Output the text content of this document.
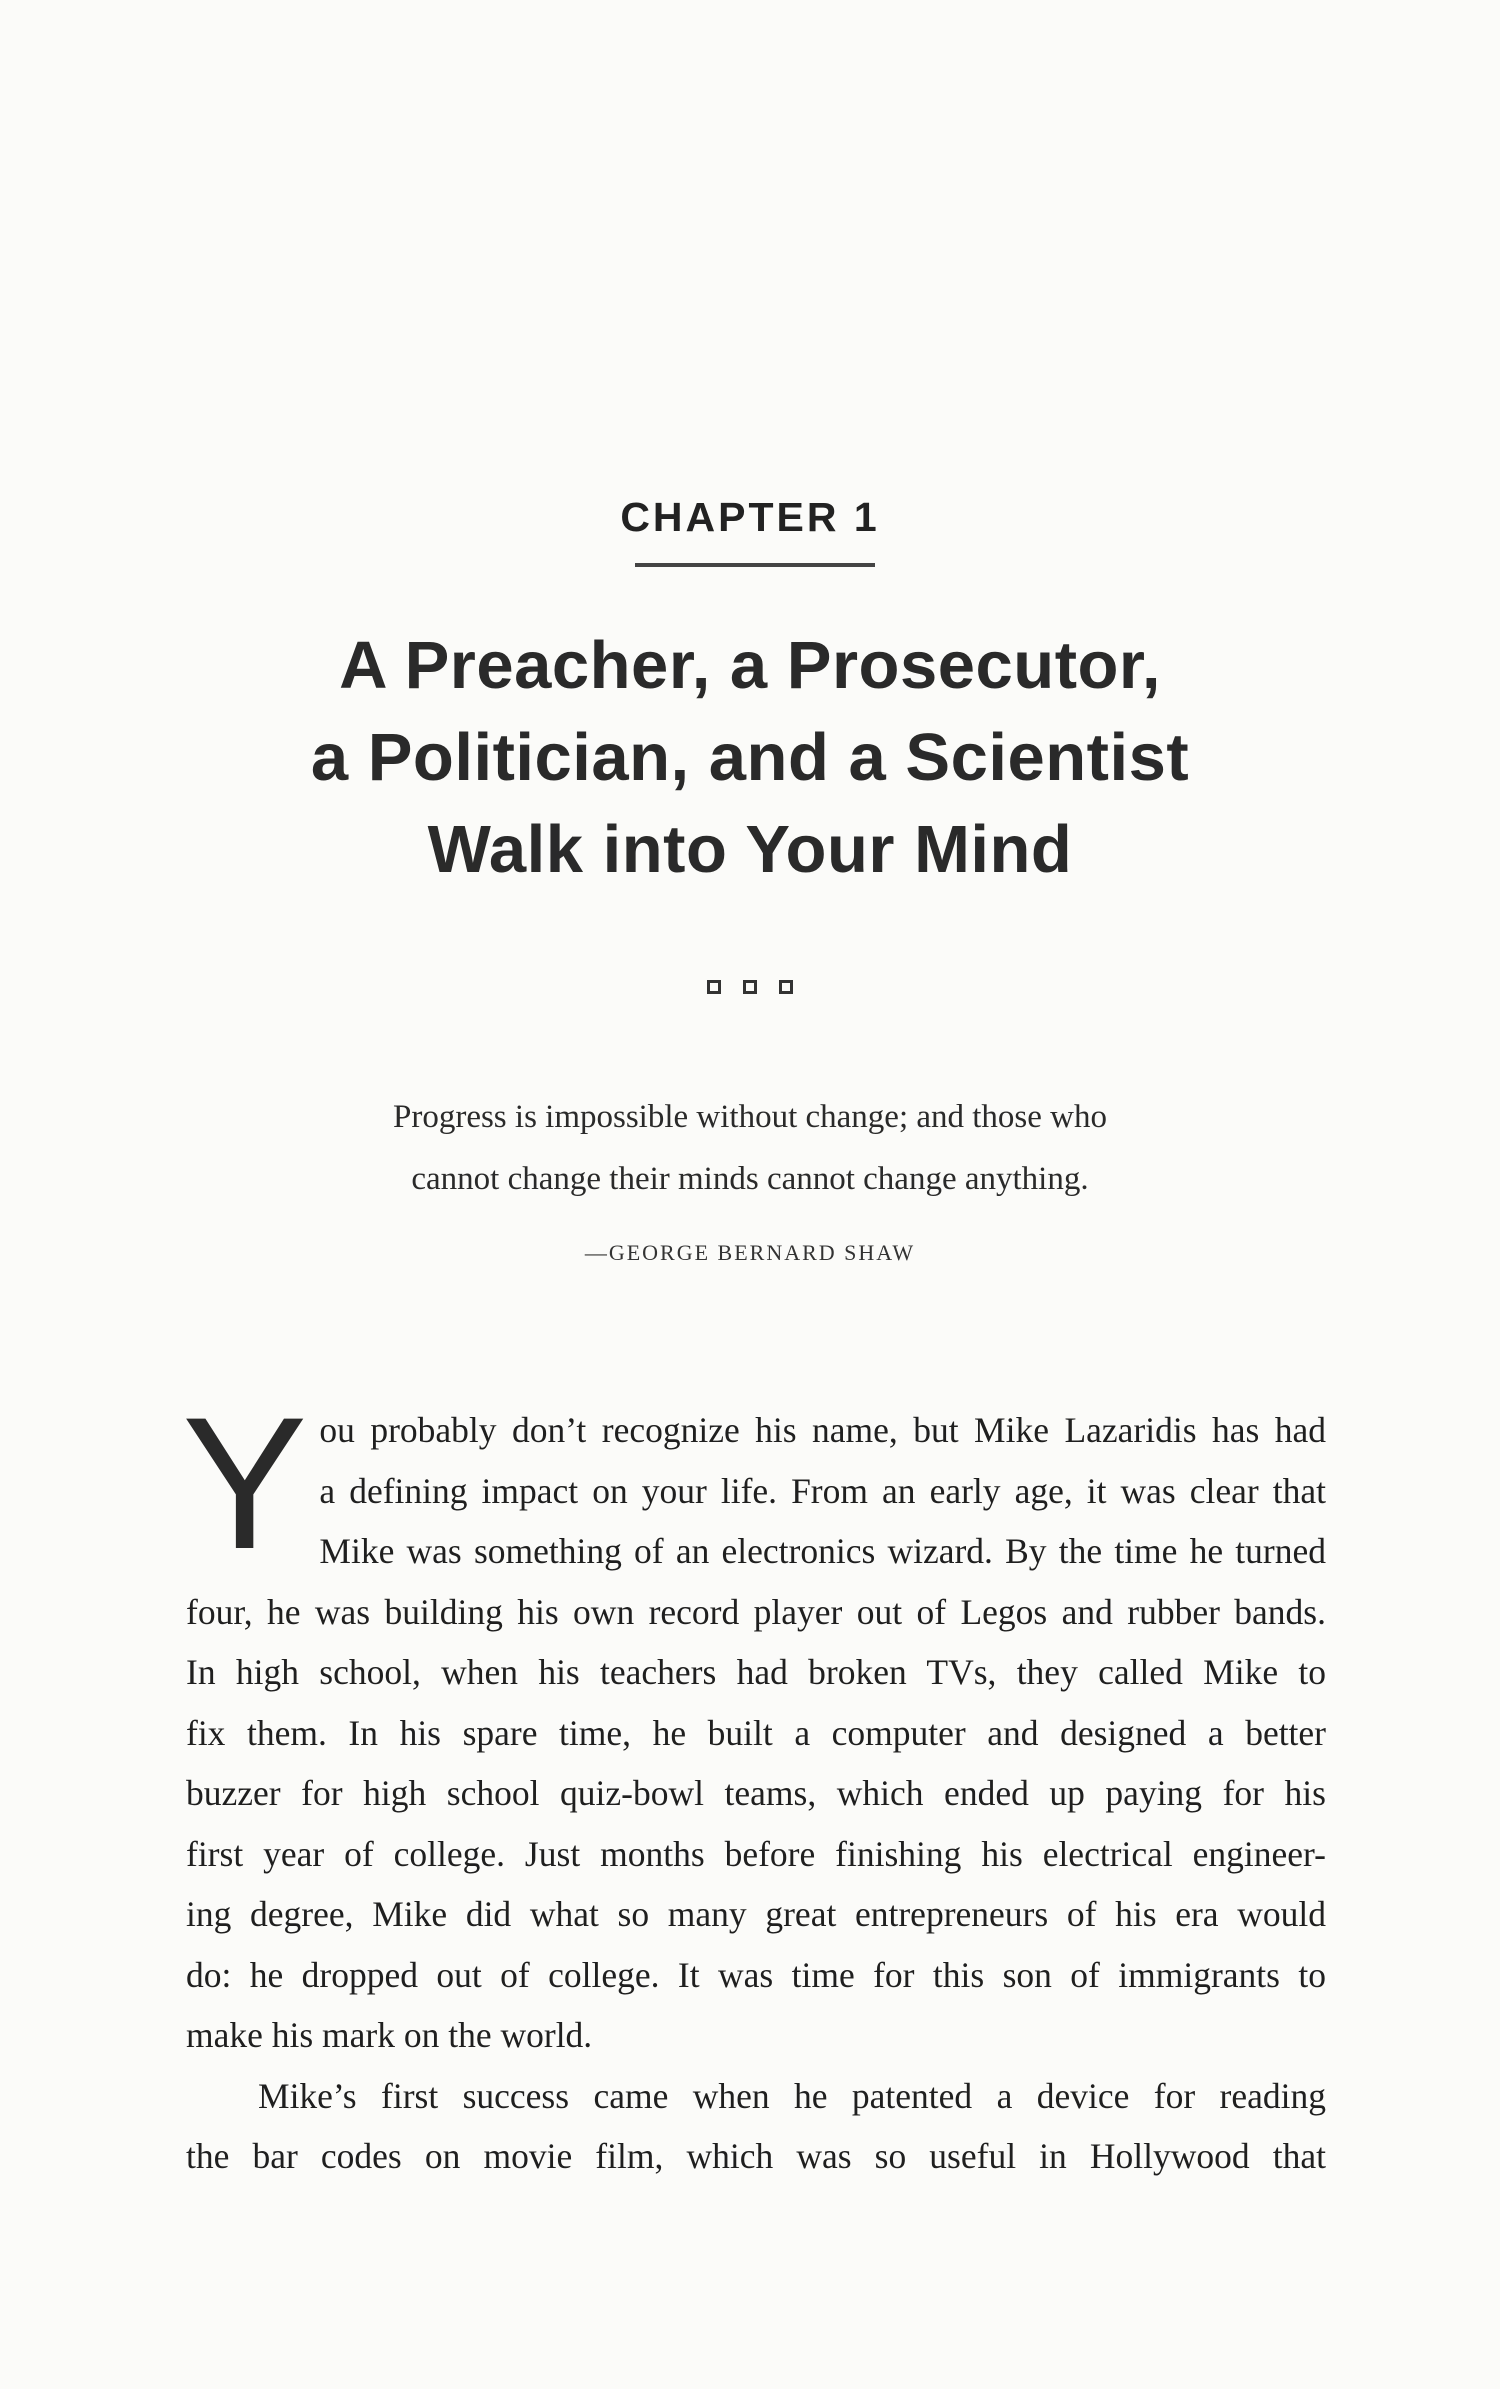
CHAPTER 1
A Preacher, a Prosecutor,
a Politician, and a Scientist
Walk into Your Mind
Progress is impossible without change; and those who
cannot change their minds cannot change anything.
—GEORGE BERNARD SHAW
Y ou probably don’t recognize his name, but Mike Lazaridis has had
a defining impact on your life. From an early age, it was clear that
Mike was something of an electronics wizard. By the time he turned
four, he was building his own record player out of Legos and rubber bands.
In high school, when his teachers had broken TVs, they called Mike to
fix them. In his spare time, he built a computer and designed a better
buzzer for high school quiz-bowl teams, which ended up paying for his
first year of college. Just months before finishing his electrical engineer-
ing degree, Mike did what so many great entrepreneurs of his era would
do: he dropped out of college. It was time for this son of immigrants to
make his mark on the world.
Mike’s first success came when he patented a device for reading
the bar codes on movie film, which was so useful in Hollywood that
